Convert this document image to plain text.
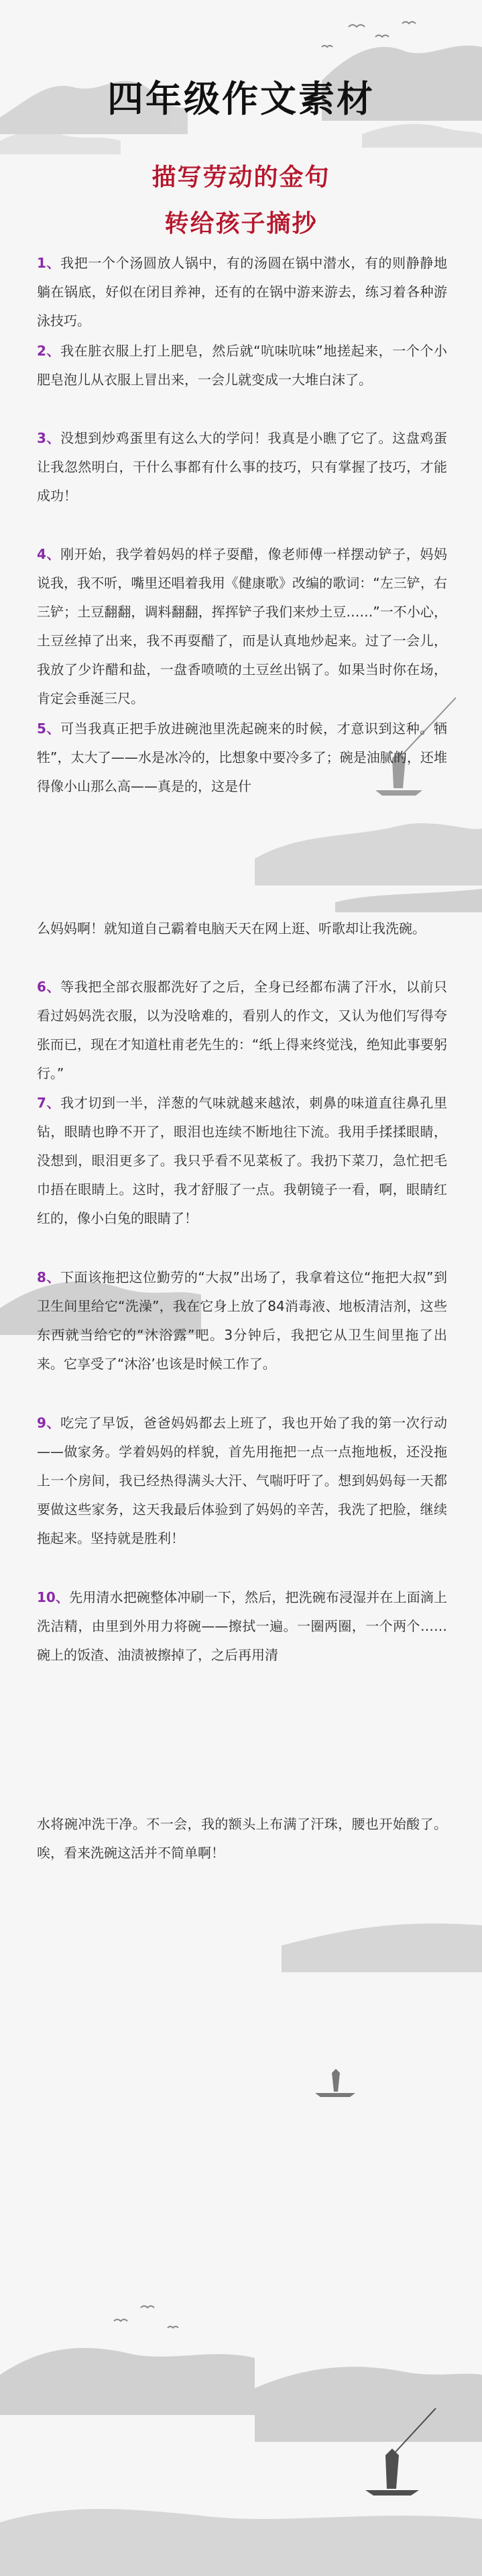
四年级作文素材
描写劳动的金句
转给孩子摘抄
1、我把一个个汤圆放人锅中，有的汤圆在锅中潜水，有的则静静地躺在锅底，好似在闭目养神，还有的在锅中游来游去，练习着各种游泳技巧。
2、我在脏衣服上打上肥皂，然后就“吭味吭味”地搓起来，一个个小肥皂泡儿从衣服上冒出来，一会儿就变成一大堆白沫了。
3、没想到炒鸡蛋里有这么大的学问！我真是小瞧了它了。这盘鸡蛋让我忽然明白，干什么事都有什么事的技巧，只有掌握了技巧，才能成功！
4、刚开始，我学着妈妈的样子耍醋，像老师傅一样摆动铲子，妈妈说我，我不听，嘴里还唱着我用《健康歌》改编的歌词：“左三铲，右三铲；土豆翻翻，调料翻翻，挥挥铲子我们来炒土豆……”一不小心，土豆丝掉了出来，我不再耍醋了，而是认真地炒起来。过了一会儿，我放了少许醋和盐，一盘香喷喷的土豆丝出锅了。如果当时你在场，肯定会垂涎三尺。
5、可当我真正把手放进碗池里洗起碗来的时候，才意识到这种。牺牲”，太大了——水是冰冷的，比想象中要冷多了；碗是油腻的，还堆得像小山那么高——真是的，这是什
么妈妈啊！就知道自己霸着电脑天天在网上逛、听歌却让我洗碗。
6、等我把全部衣服都洗好了之后，全身已经都布满了汗水，以前只看过妈妈洗衣服，以为没啥难的，看别人的作文，又认为他们写得夸张而已，现在才知道杜甫老先生的：“纸上得来终觉浅，绝知此事要躬行。”
7、我才切到一半，洋葱的气味就越来越浓，刺鼻的味道直往鼻孔里钻，眼睛也睁不开了，眼泪也连续不断地往下流。我用手揉揉眼睛，没想到，眼泪更多了。我只乎看不见菜板了。我扔下菜刀，急忙把毛巾捂在眼睛上。这时，我才舒服了一点。我朝镜子一看，啊，眼睛红红的，像小白兔的眼睛了！
8、下面该拖把这位勤劳的“大叔”出场了，我拿着这位“拖把大叔”到卫生间里给它“洗澡”，我在它身上放了84消毒液、地板清洁剂，这些东西就当给它的“沐浴露”吧。3分钟后，我把它从卫生间里拖了出来。它享受了“沐浴’也该是时候工作了。
9、吃完了早饭，爸爸妈妈都去上班了，我也开始了我的第一次行动——做家务。学着妈妈的样貌，首先用拖把一点一点拖地板，还没拖上一个房间，我已经热得满头大汗、气喘吁吁了。想到妈妈每一天都要做这些家务，这天我最后体验到了妈妈的辛苦，我洗了把脸，继续拖起来。坚持就是胜利！
10、先用清水把碗整体冲刷一下，然后，把洗碗布浸湿并在上面滴上洗洁精，由里到外用力将碗——擦拭一遍。一圈两圈，一个两个……碗上的饭渣、油渍被擦掉了，之后再用清
水将碗冲洗干净。不一会，我的额头上布满了汗珠，腰也开始酸了。唉，看来洗碗这活并不简单啊！
